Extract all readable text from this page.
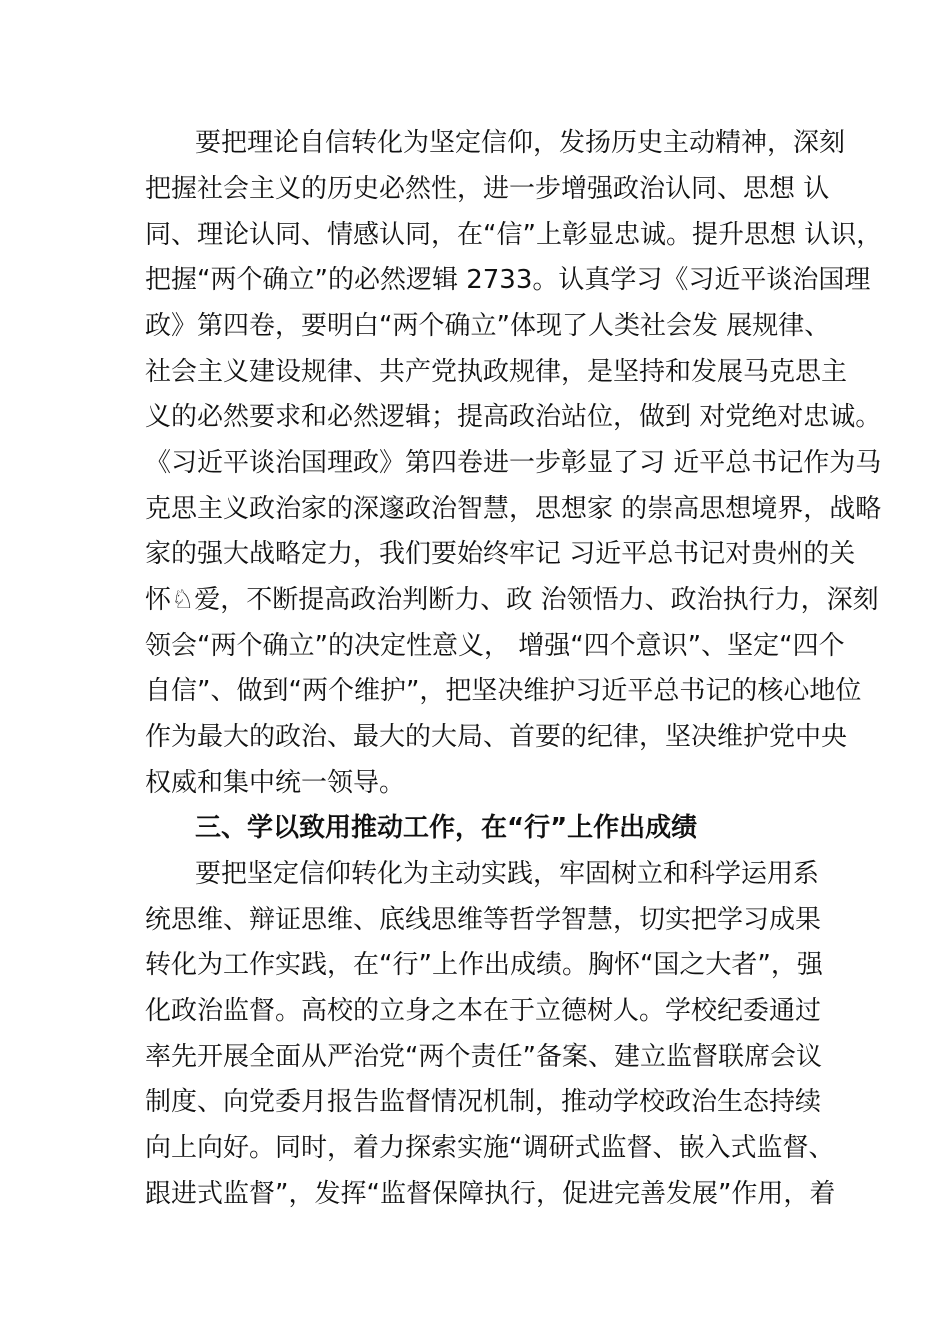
要把理论自信转化为坚定信仰，发扬历史主动精神，深刻
把握社会主义的历史必然性，进一步增强政治认同、思想 认
同、理论认同、情感认同，在“信”上彰显忠诚。提升思想 认识，
把握“两个确立”的必然逻辑 2733。认真学习《习近平谈治国理
政》第四卷，要明白“两个确立”体现了人类社会发 展规律、
社会主义建设规律、共产党执政规律，是坚持和发展马克思主
义的必然要求和必然逻辑；提高政治站位，做到 对党绝对忠诚。
《习近平谈治国理政》第四卷进一步彰显了习 近平总书记作为马
克思主义政治家的深邃政治智慧，思想家 的崇高思想境界，战略
家的强大战略定力，我们要始终牢记 习近平总书记对贵州的关
怀♘爱，不断提高政治判断力、政 治领悟力、政治执行力，深刻
领会“两个确立”的决定性意义， 增强“四个意识”、坚定“四个
自信”、做到“两个维护”，把坚决维护习近平总书记的核心地位
作为最大的政治、最大的大局、首要的纪律，坚决维护党中央
权威和集中统一领导。
三、学以致用推动工作，在“行”上作出成绩
要把坚定信仰转化为主动实践，牢固树立和科学运用系
统思维、辩证思维、底线思维等哲学智慧，切实把学习成果
转化为工作实践，在“行”上作出成绩。胸怀“国之大者”，强
化政治监督。高校的立身之本在于立德树人。学校纪委通过
率先开展全面从严治党“两个责任”备案、建立监督联席会议
制度、向党委月报告监督情况机制，推动学校政治生态持续
向上向好。同时，着力探索实施“调研式监督、嵌入式监督、
跟进式监督”，发挥“监督保障执行，促进完善发展”作用，着
